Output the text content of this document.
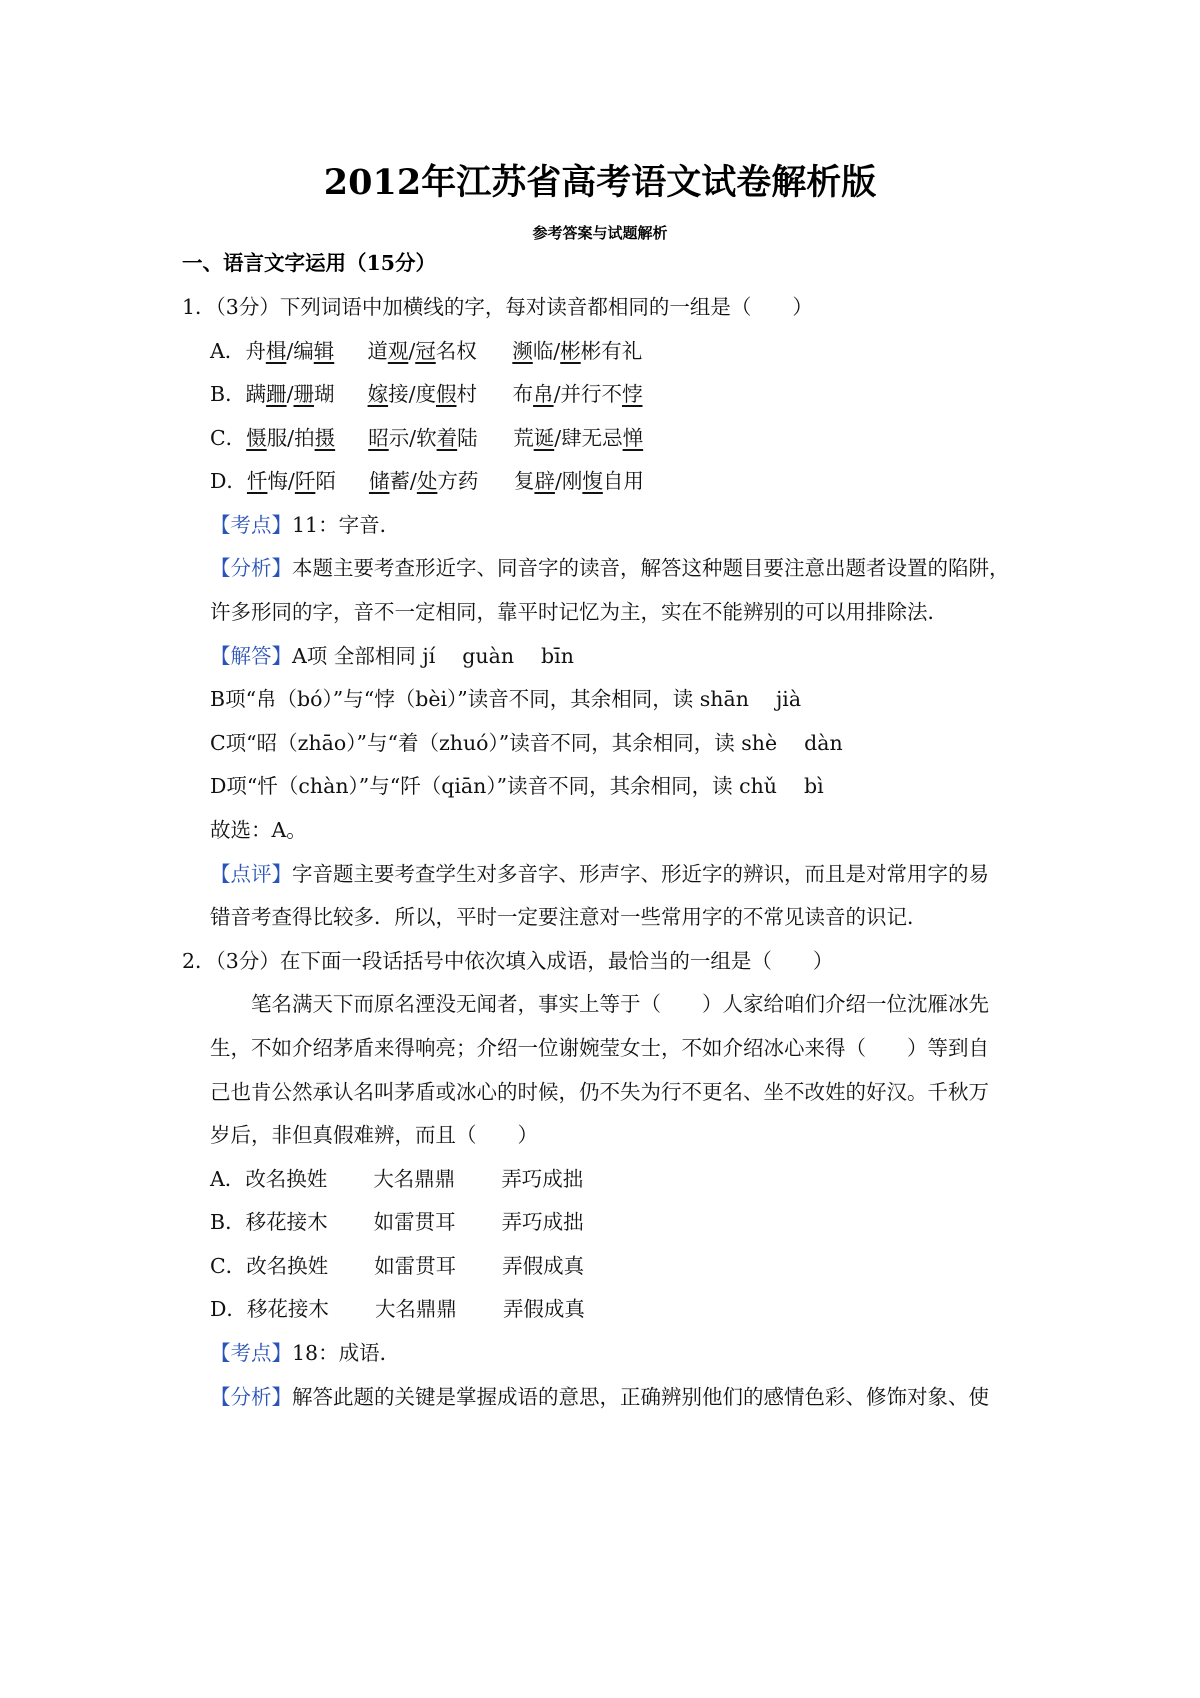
2012年江苏省高考语文试卷解析版
参考答案与试题解析
一、语言文字运用（15分）
1．（3分）下列词语中加横线的字，每对读音都相同的一组是（　　）
A．舟楫/编辑 道观/冠名权 濒临/彬彬有礼
B．蹒跚/珊瑚 嫁接/度假村 布帛/并行不悖
C．慑服/拍摄 昭示/软着陆 荒诞/肆无忌惮
D．忏悔/阡陌 储蓄/处方药 复辟/刚愎自用
【考点】11：字音．
【分析】本题主要考查形近字、同音字的读音，解答这种题目要注意出题者设置的陷阱，
许多形同的字，音不一定相同，靠平时记忆为主，实在不能辨别的可以用排除法．
【解答】A项 全部相同 jí　 guàn　 bīn
B项“帛（bó）”与“悖（bèi）”读音不同，其余相同，读 shān　 jià
C项“昭（zhāo）”与“着（zhuó）”读音不同，其余相同，读 shè　 dàn
D项“忏（chàn）”与“阡（qiān）”读音不同，其余相同，读 chǔ　 bì
故选：A。
【点评】字音题主要考查学生对多音字、形声字、形近字的辨识，而且是对常用字的易
错音考查得比较多．所以，平时一定要注意对一些常用字的不常见读音的识记．
2．（3分）在下面一段话括号中依次填入成语，最恰当的一组是（　　）
笔名满天下而原名湮没无闻者，事实上等于（　　）人家给咱们介绍一位沈雁冰先
生，不如介绍茅盾来得响亮；介绍一位谢婉莹女士，不如介绍冰心来得（　　）等到自
己也肯公然承认名叫茅盾或冰心的时候，仍不失为行不更名、坐不改姓的好汉。千秋万
岁后，非但真假难辨，而且（　　）
A．改名换姓 大名鼎鼎 弄巧成拙
B．移花接木 如雷贯耳 弄巧成拙
C．改名换姓 如雷贯耳 弄假成真
D．移花接木 大名鼎鼎 弄假成真
【考点】18：成语．
【分析】解答此题的关键是掌握成语的意思，正确辨别他们的感情色彩、修饰对象、使
